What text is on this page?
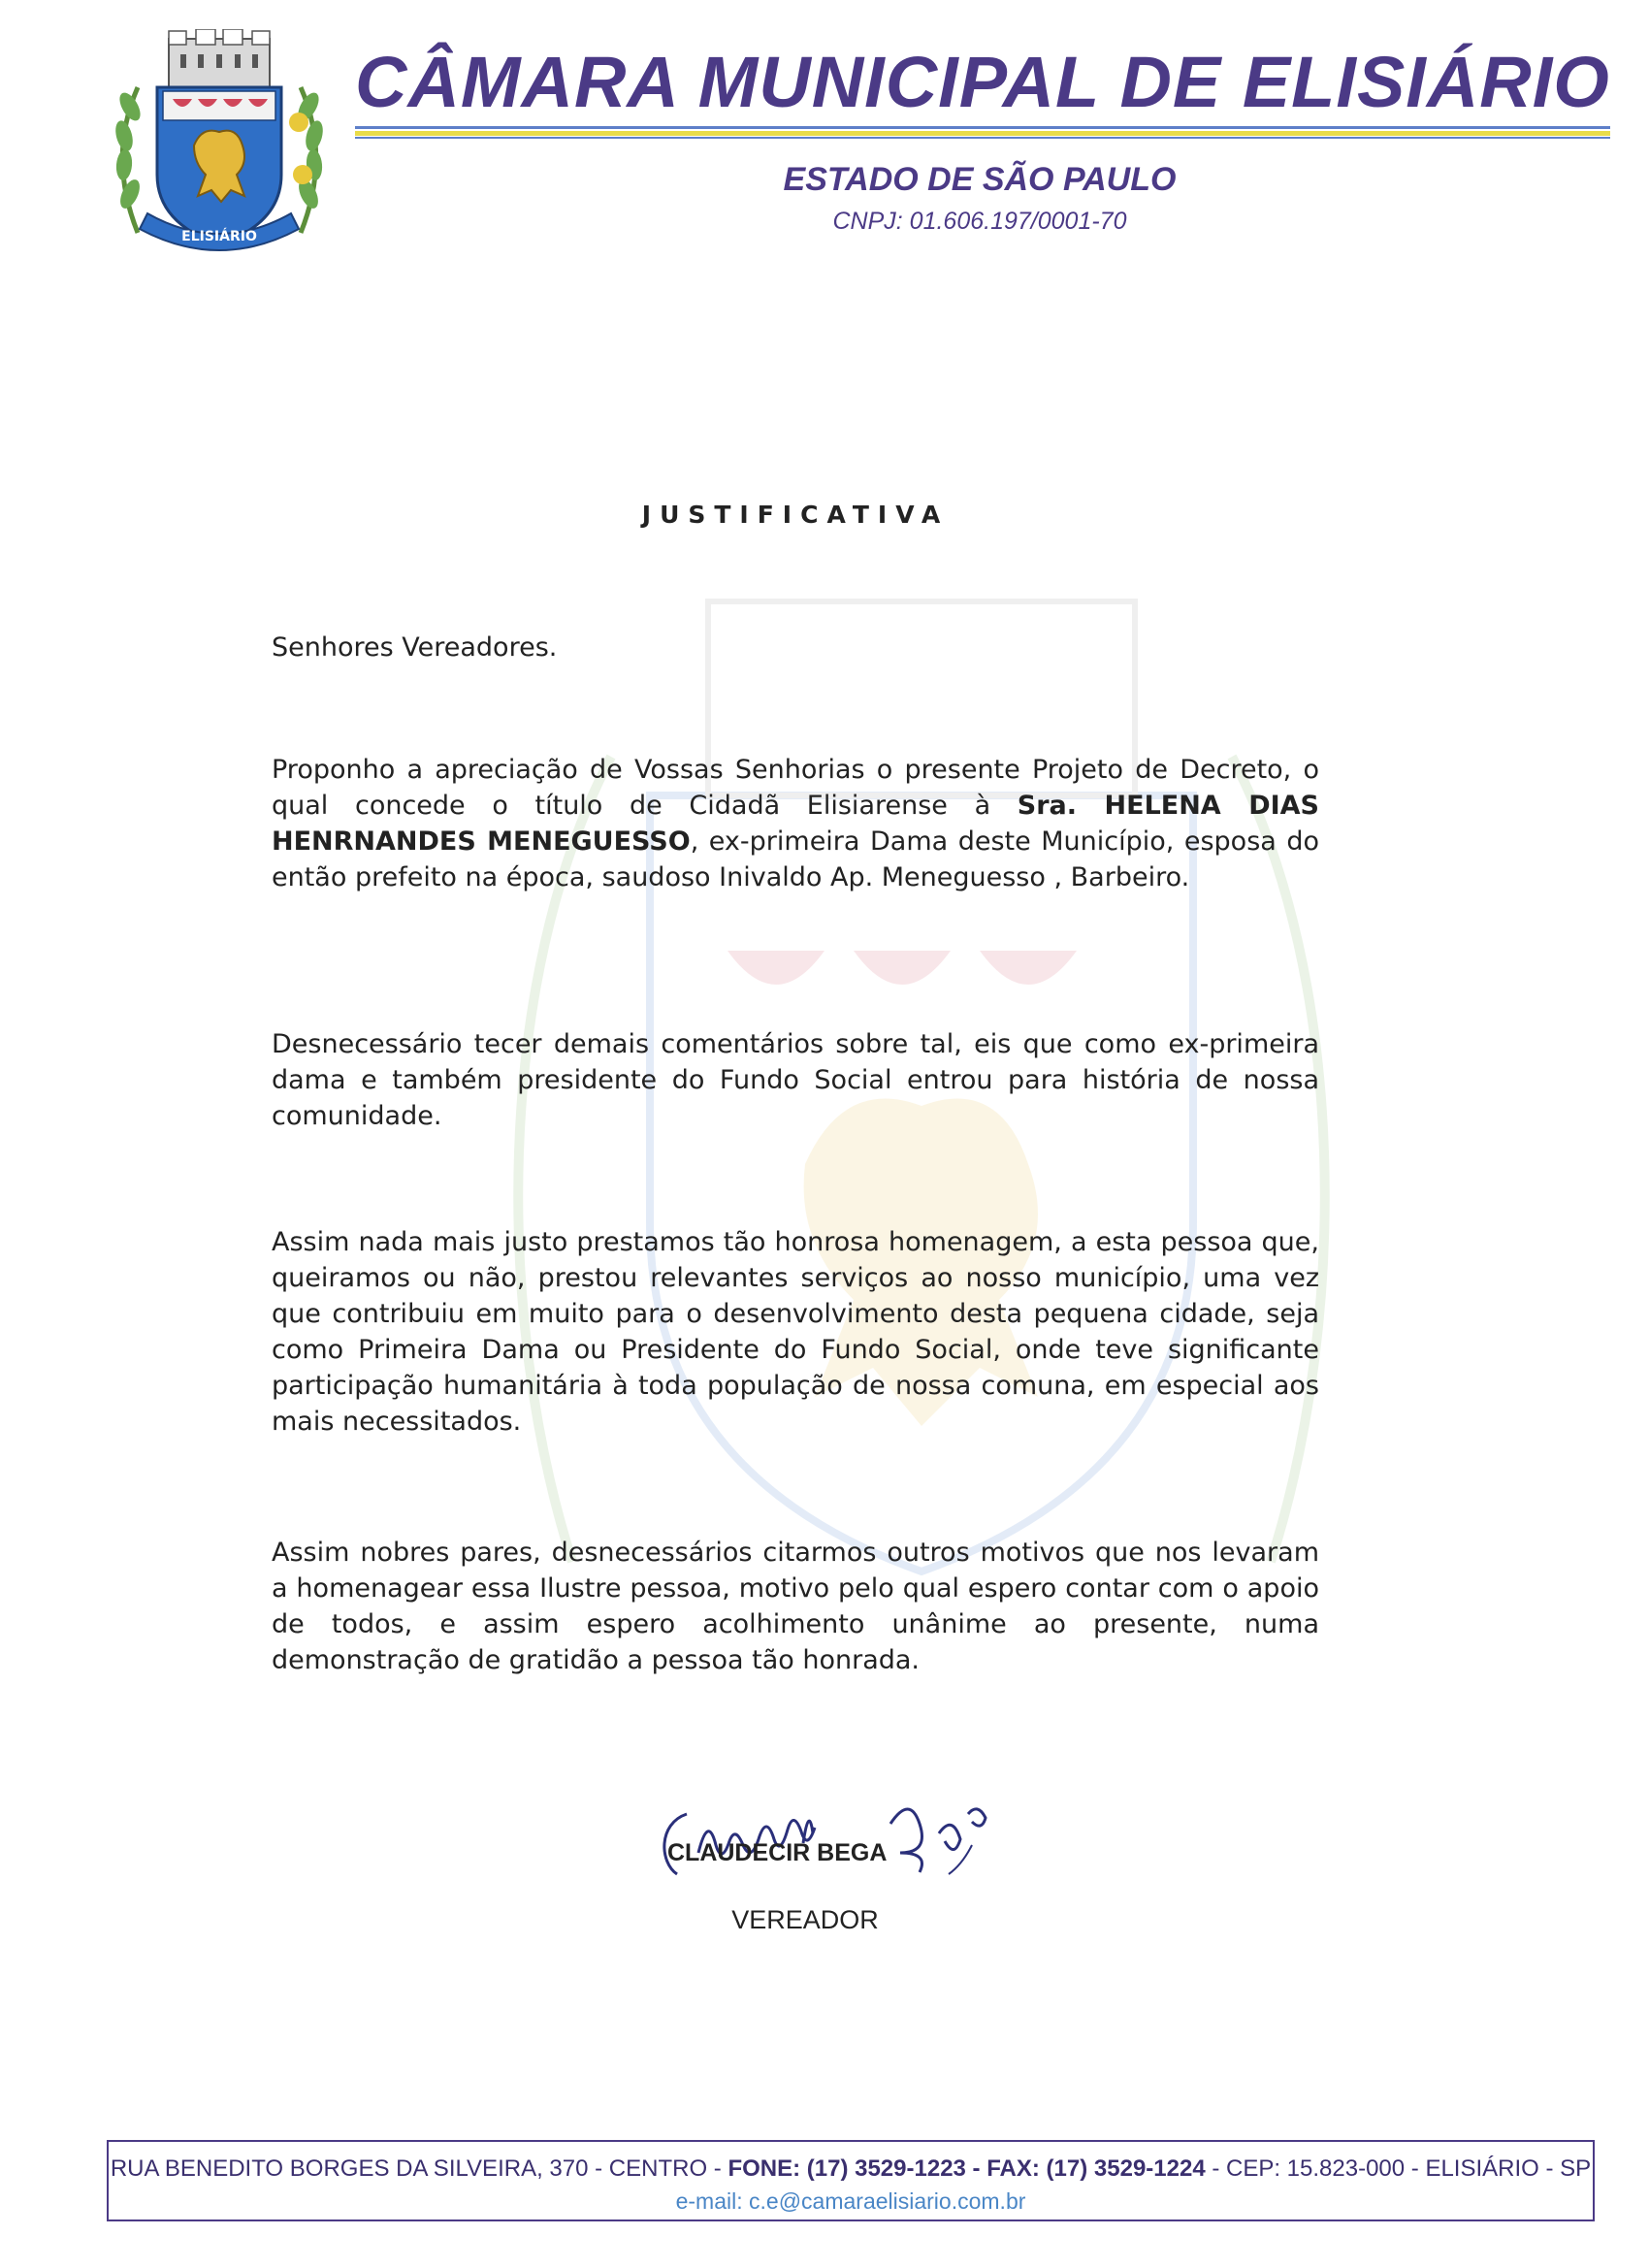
ELISIÁRIO
CÂMARA MUNICIPAL DE ELISIÁRIO
ESTADO DE SÃO PAULO
CNPJ: 01.606.197/0001-70
JUSTIFICATIVA
Senhores Vereadores.

Proponho a apreciação de Vossas Senhorias o presente Projeto de Decreto, o qual concede o título de Cidadã Elisiarense à Sra. HELENA DIAS HENRNANDES MENEGUESSO, ex-primeira Dama deste Município, esposa do então prefeito na época, saudoso Inivaldo Ap. Meneguesso , Barbeiro.

Desnecessário tecer demais comentários sobre tal, eis que como ex-primeira dama e também presidente do Fundo Social entrou para história de nossa comunidade.

Assim nada mais justo prestamos tão honrosa homenagem, a esta pessoa que, queiramos ou não, prestou relevantes serviços ao nosso município, uma vez que contribuiu em muito para o desenvolvimento desta pequena cidade, seja como Primeira Dama ou Presidente do Fundo Social, onde teve significante participação humanitária à toda população de nossa comuna, em especial aos mais necessitados.

Assim nobres pares, desnecessários citarmos outros motivos que nos levaram a homenagear essa Ilustre pessoa, motivo pelo qual espero contar com o apoio de todos, e assim espero acolhimento unânime ao presente, numa demonstração de gratidão a pessoa tão honrada.

CLAUDECIR BEGA
VEREADOR
RUA BENEDITO BORGES DA SILVEIRA, 370 - CENTRO - FONE: (17) 3529-1223 - FAX: (17) 3529-1224 - CEP: 15.823-000 - ELISIÁRIO - SP
e-mail: c.e@camaraelisiario.com.br
